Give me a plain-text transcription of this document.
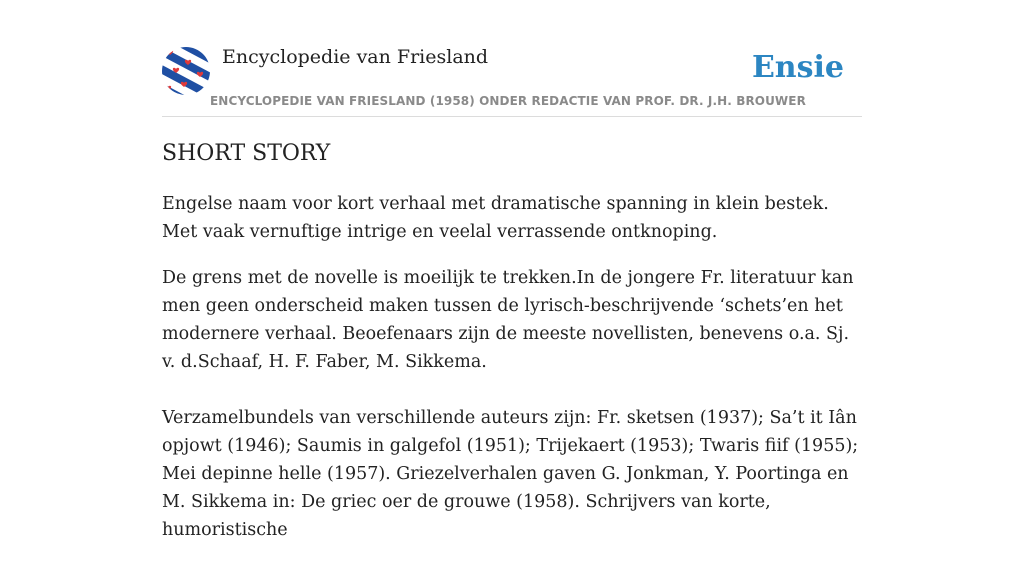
Encyclopedie van Friesland	Ensie
ENCYCLOPEDIE VAN FRIESLAND (1958) ONDER REDACTIE VAN PROF. DR. J.H. BROUWER
SHORT STORY

Engelse naam voor kort verhaal met dramatische spanning in klein bestek. Met vaak vernuftige intrige en veelal verrassende ontknoping.

De grens met de novelle is moeilijk te trekken.In de jongere Fr. literatuur kan men geen onderscheid maken tussen de lyrisch-beschrijvende ‘schets’en het modernere verhaal. Beoefenaars zijn de meeste novellisten, benevens o.a. Sj. v. d.Schaaf, H. F. Faber, M. Sikkema.

Verzamelbundels van verschillende auteurs zijn: Fr. sketsen (1937); Sa’t it Iân opjowt (1946); Saumis in galgefol (1951); Trijekaert (1953); Twaris fiif (1955); Mei depinne helle (1957). Griezelverhalen gaven G. Jonkman, Y. Poortinga en M. Sikkema in: De griec oer de grouwe (1958). Schrijvers van korte, humoristische
